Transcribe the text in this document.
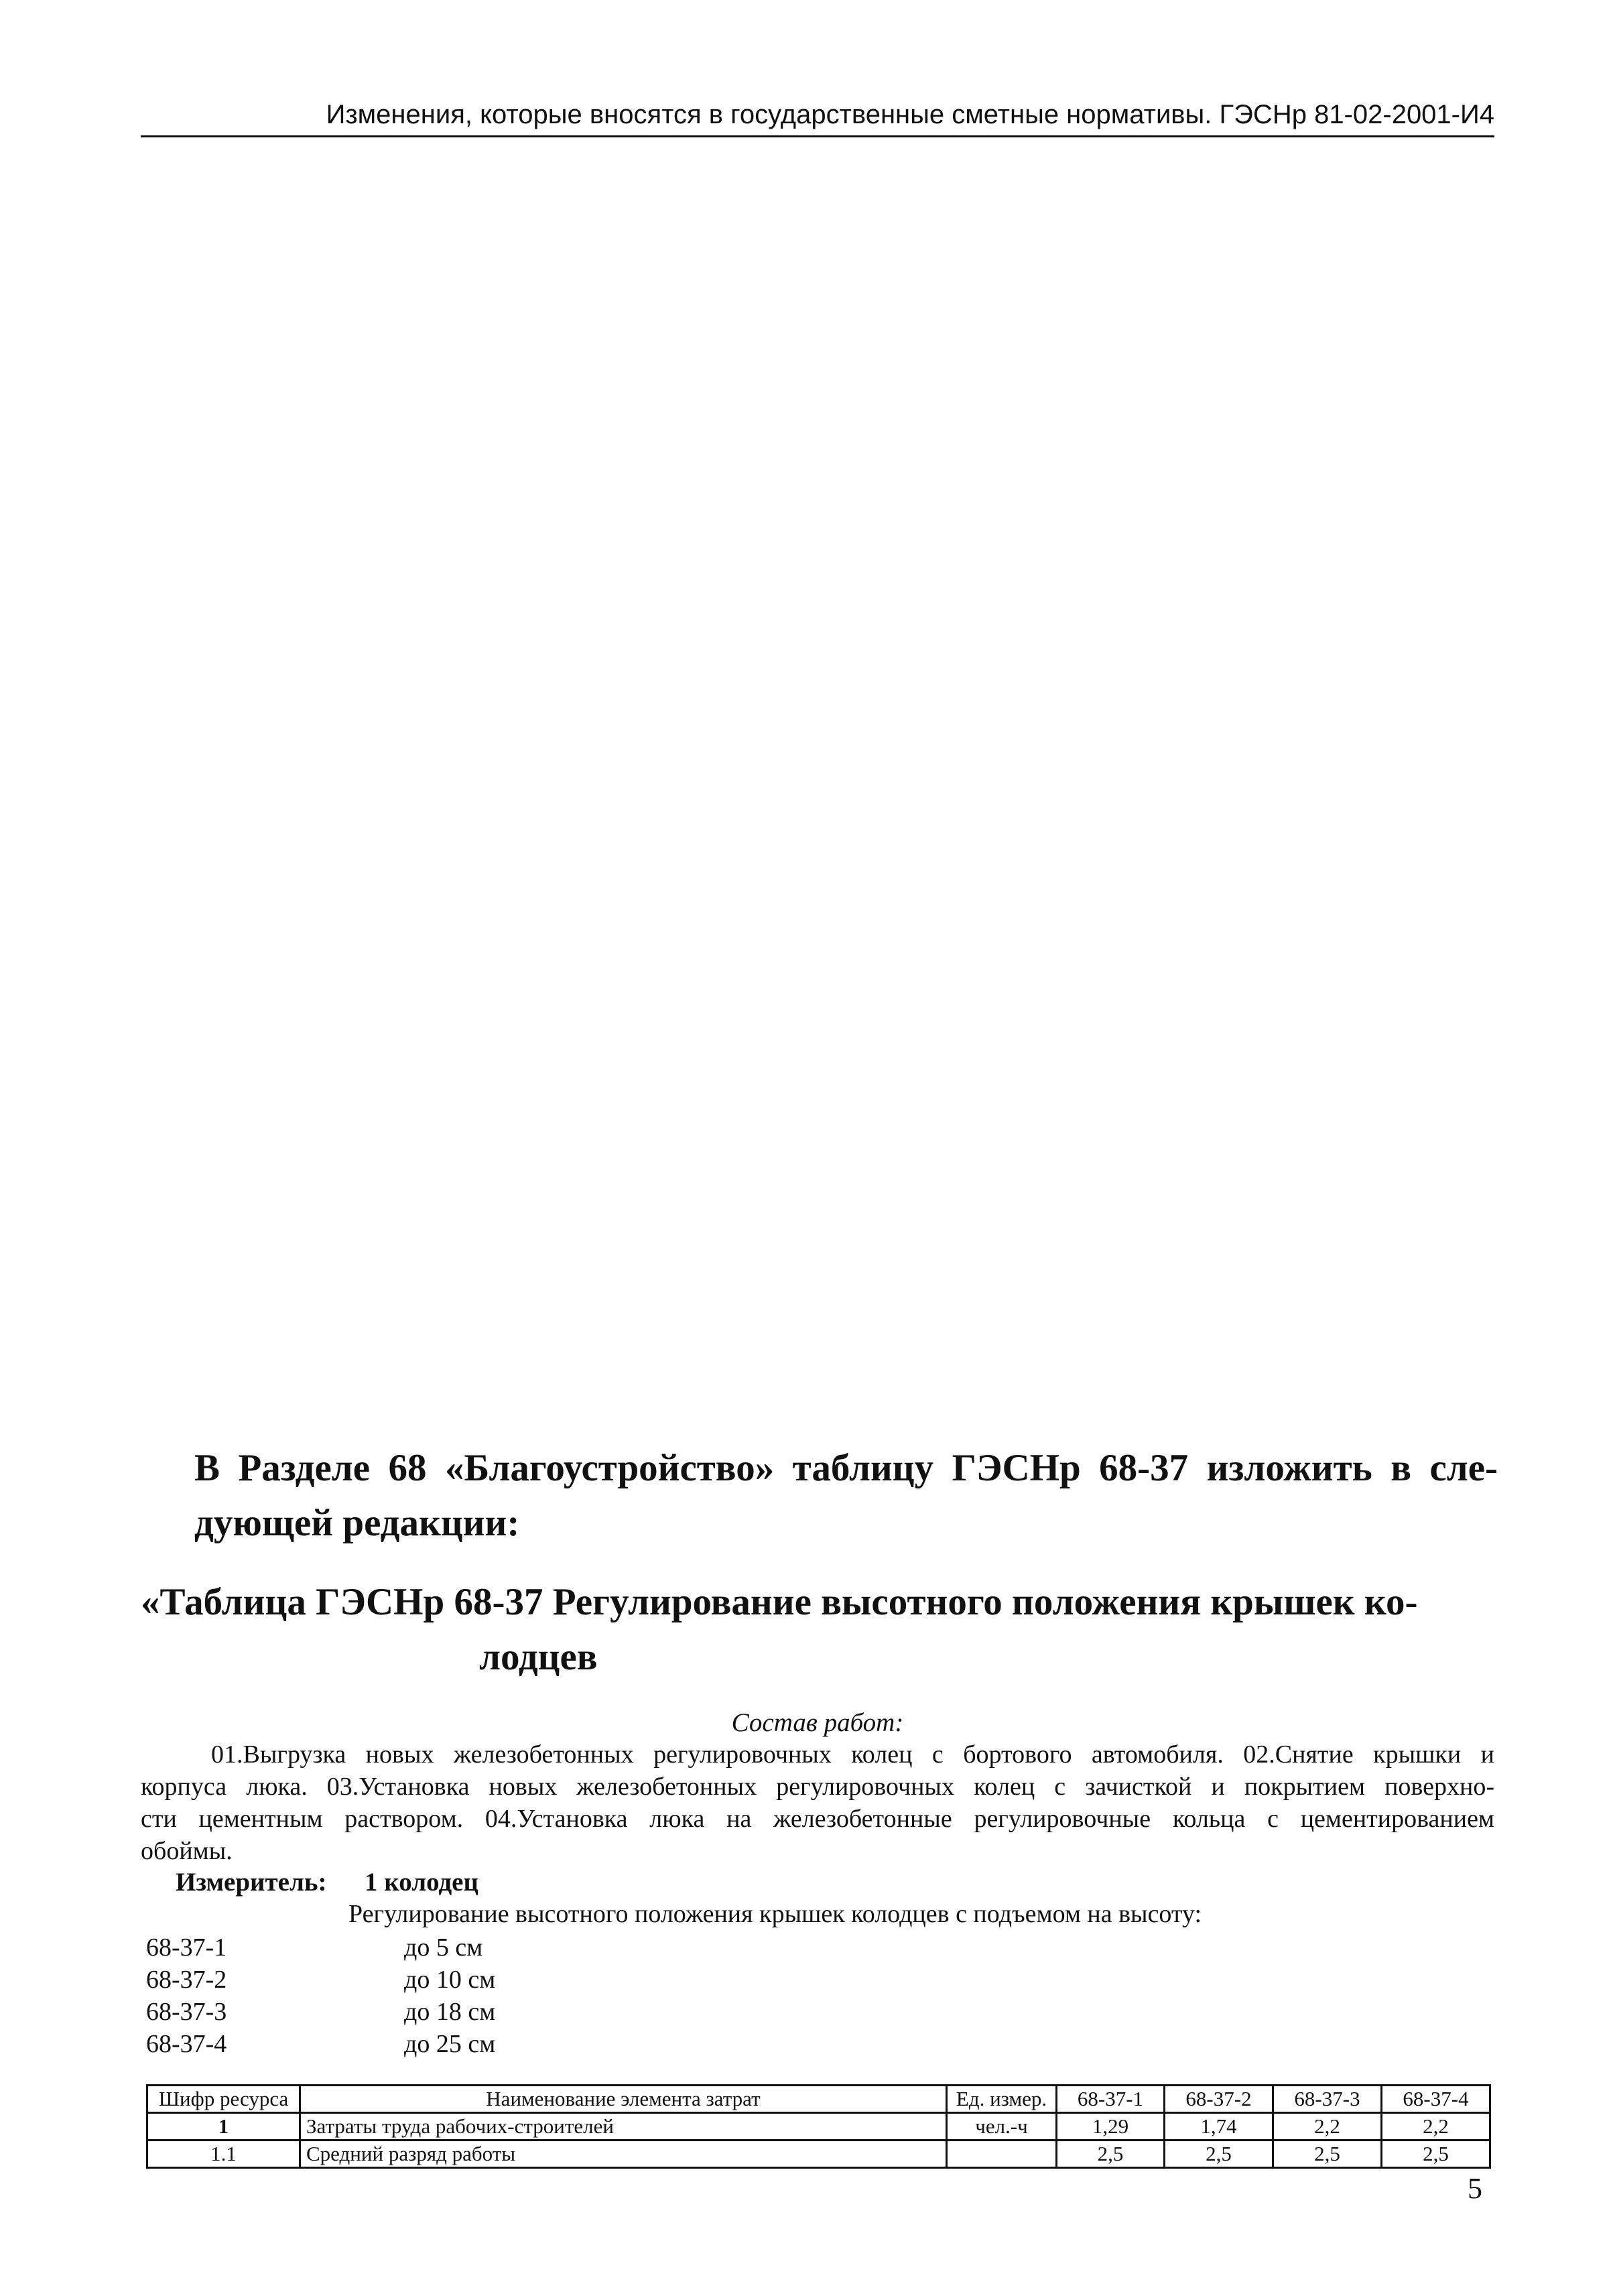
Изменения, которые вносятся в государственные сметные нормативы. ГЭСНр 81-02-2001-И4
В Разделе 68 «Благоустройство» таблицу ГЭСНр 68-37 изложить в сле-
дующей редакции:
«Таблица ГЭСНр 68-37 Регулирование высотного положения крышек ко-
лодцев
Состав работ:
01.Выгрузка новых железобетонных регулировочных колец с бортового автомобиля. 02.Снятие крышки и
корпуса люка. 03.Установка новых железобетонных регулировочных колец с зачисткой и покрытием поверхно-
сти цементным раствором. 04.Установка люка на железобетонные регулировочные кольца с цементированием
обоймы.
Измеритель: 1 колодец
Регулирование высотного положения крышек колодцев с подъемом на высоту:
68-37-1	до 5 см
68-37-2	до 10 см
68-37-3	до 18 см
68-37-4	до 25 см
Шифр ресурса	Наименование элемента затрат	Ед. измер.	68-37-1	68-37-2	68-37-3	68-37-4
1	Затраты труда рабочих-строителей	чел.-ч	1,29	1,74	2,2	2,2
1.1	Средний разряд работы		2,5	2,5	2,5	2,5
5
